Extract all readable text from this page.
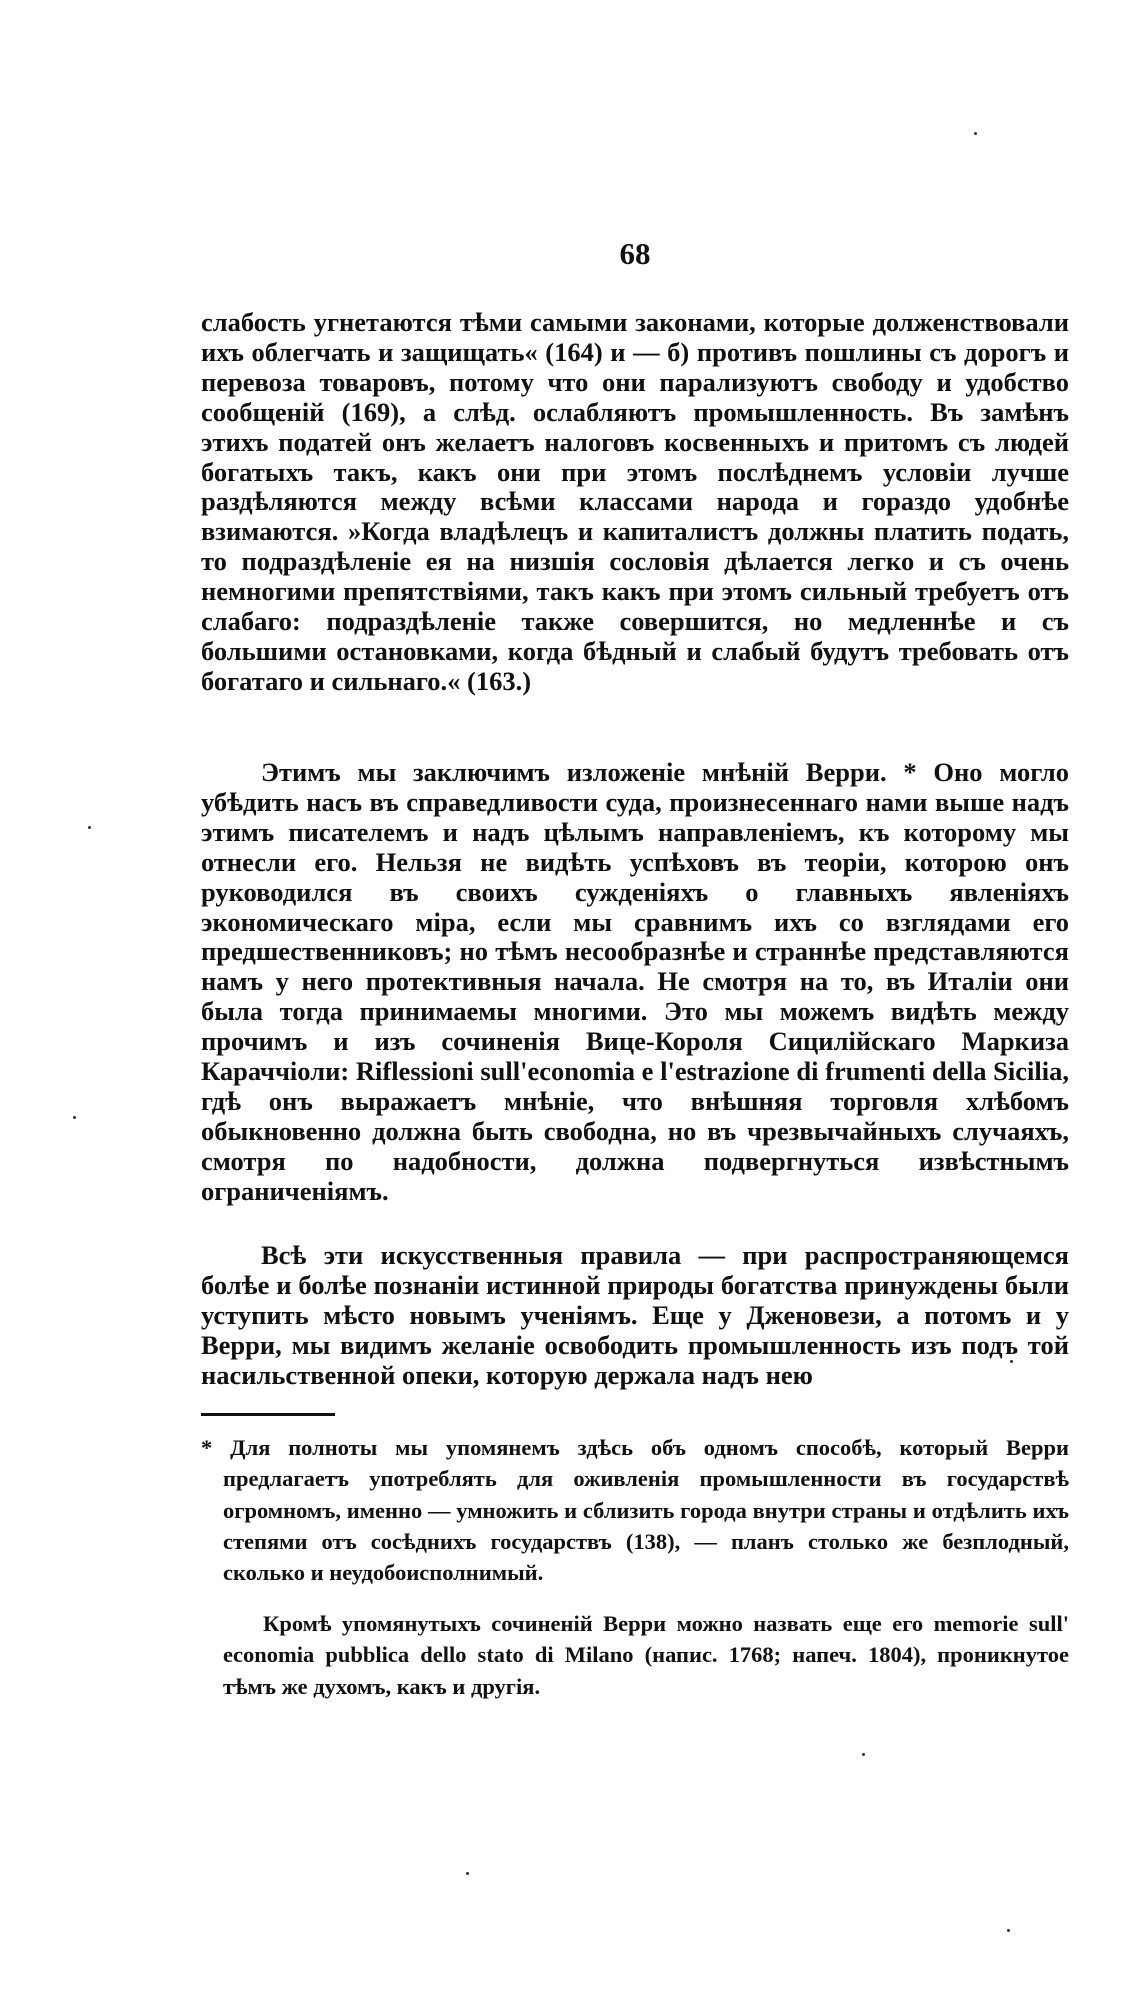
68

слабость угнетаются тѣми самыми законами, которые долженствовали ихъ облегчать и защищать« (164) и — б) противъ пошлины съ дорогъ и перевоза товаровъ, потому что они парализуютъ свободу и удобство сообщеній (169), а слѣд. ослабляютъ промышленность. Въ замѣнъ этихъ податей онъ желаетъ налоговъ косвенныхъ и притомъ съ людей богатыхъ такъ, какъ они при этомъ послѣднемъ условіи лучше раздѣляются между всѣми классами народа и гораздо удобнѣе взимаются. »Когда владѣлецъ и капиталистъ должны платить подать, то подраздѣленіе ея на низшія сословія дѣлается легко и съ очень немногими препятствіями, такъ какъ при этомъ сильный требуетъ отъ слабаго: подраздѣленіе также совершится, но медленнѣе и съ большими остановками, когда бѣдный и слабый будутъ требовать отъ богатаго и сильнаго.« (163.)

Этимъ мы заключимъ изложеніе мнѣній Верри. * Оно могло убѣдить насъ въ справедливости суда, произнесеннаго нами выше надъ этимъ писателемъ и надъ цѣлымъ направленіемъ, къ которому мы отнесли его. Нельзя не видѣть успѣховъ въ теоріи, которою онъ руководился въ своихъ сужденіяхъ о главныхъ явленіяхъ экономическаго міра, если мы сравнимъ ихъ со взглядами его предшественниковъ; но тѣмъ несообразнѣе и страннѣе представляются намъ у него протективныя начала. Не смотря на то, въ Италіи они была тогда принимаемы многими. Это мы можемъ видѣть между прочимъ и изъ сочиненія Вице-Короля Сицилійскаго Маркиза Караччіоли: Riflessioni sull'economia e l'estrazione di frumenti della Sicilia, гдѣ онъ выражаетъ мнѣніе, что внѣшняя торговля хлѣбомъ обыкновенно должна быть свободна, но въ чрезвычайныхъ случаяхъ, смотря по надобности, должна подвергнуться извѣстнымъ ограниченіямъ.

Всѣ эти искусственныя правила — при распространяющемся болѣе и болѣе познаніи истинной природы богатства принуждены были уступить мѣсто новымъ ученіямъ. Еще у Дженовези, а потомъ и у Верри, мы видимъ желаніе освободить промышленность изъ подъ той насильственной опеки, которую держала надъ нею

* Для полноты мы упомянемъ здѣсь объ одномъ способѣ, который Верри предлагаетъ употреблять для оживленія промышленности въ государствѣ огромномъ, именно — умножить и сблизить города внутри страны и отдѣлить ихъ степями отъ сосѣднихъ государствъ (138), — планъ столько же безплодный, сколько и неудобоисполнимый.

Кромѣ упомянутыхъ сочиненій Верри можно назвать еще его memorie sull' economia pubblica dello stato di Milano (напис. 1768; напеч. 1804), проникнутое тѣмъ же духомъ, какъ и другія.
